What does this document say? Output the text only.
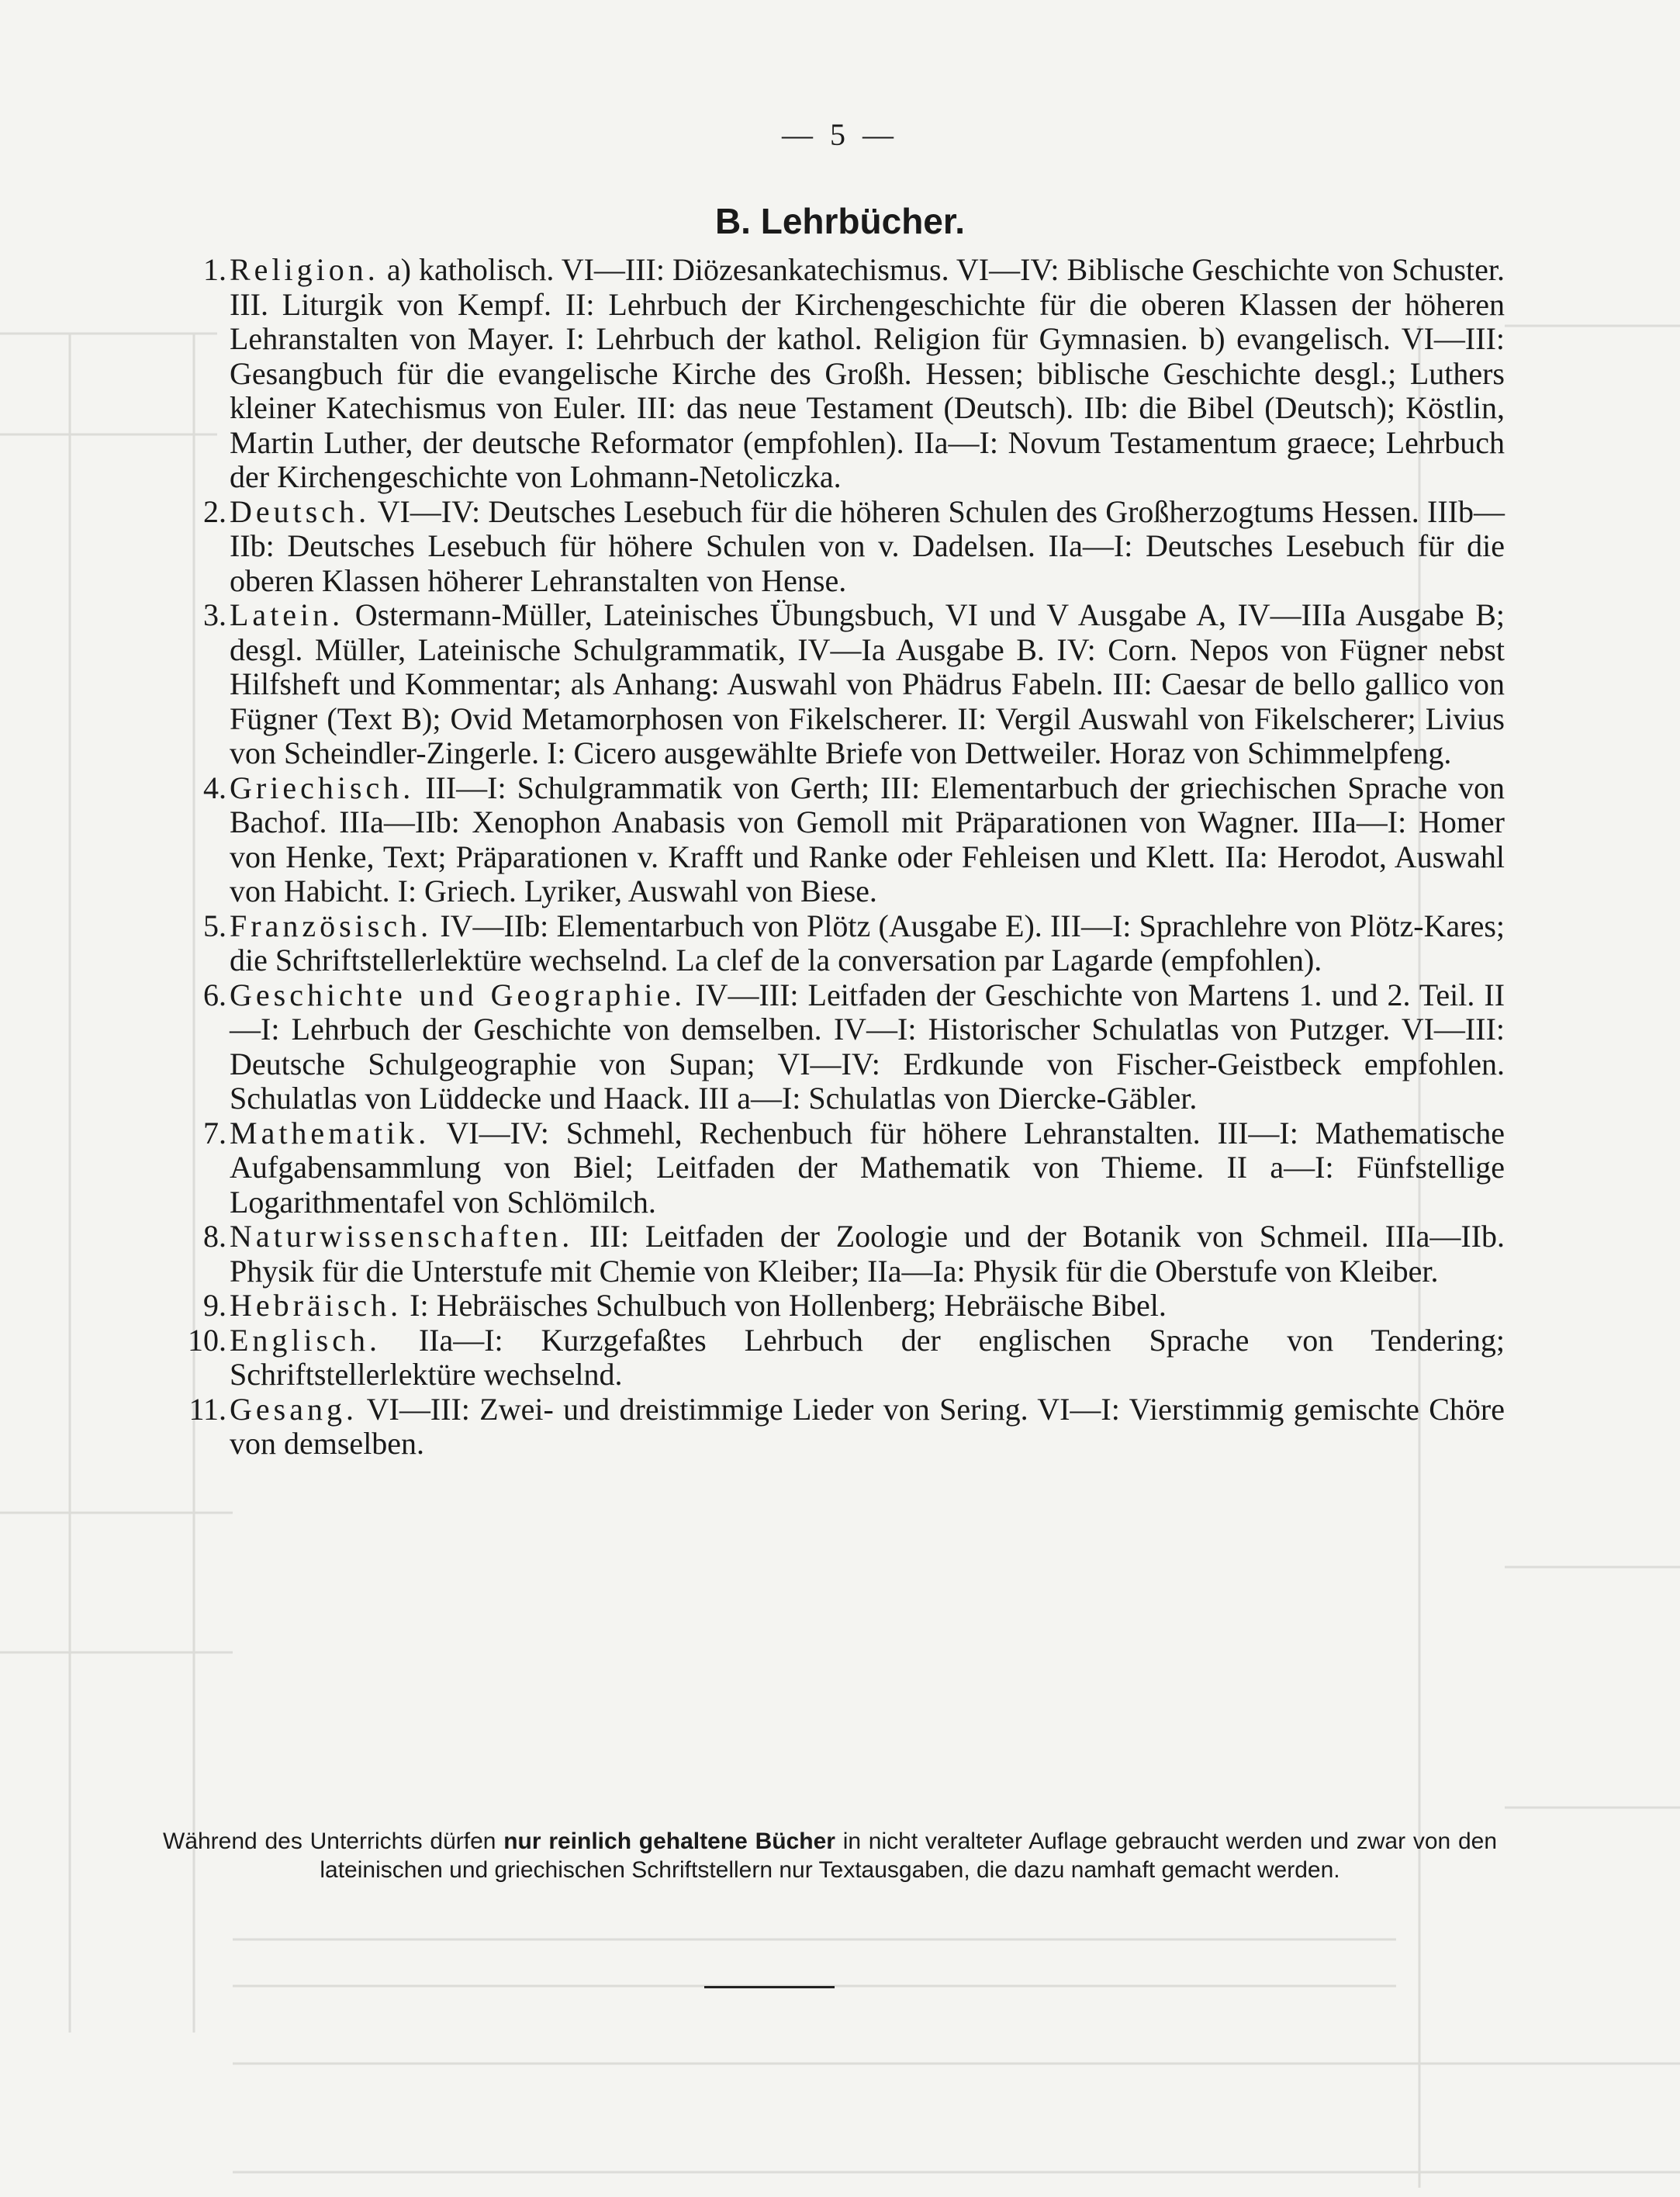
— 5 —
B. Lehrbücher.
1. Religion. a) katholisch. VI—III: Diözesankatechismus. VI—IV: Biblische Geschichte von Schuster. III. Liturgik von Kempf. II: Lehrbuch der Kirchengeschichte für die oberen Klassen der höheren Lehranstalten von Mayer. I: Lehrbuch der kathol. Religion für Gymnasien. b) evangelisch. VI—III: Gesangbuch für die evangelische Kirche des Großh. Hessen; biblische Geschichte desgl.; Luthers kleiner Katechismus von Euler. III: das neue Testament (Deutsch). IIb: die Bibel (Deutsch); Köstlin, Martin Luther, der deutsche Reformator (empfohlen). IIa—I: Novum Testamentum graece; Lehrbuch der Kirchengeschichte von Lohmann-Netoliczka.
2. Deutsch. VI—IV: Deutsches Lesebuch für die höheren Schulen des Großherzogtums Hessen. IIIb—IIb: Deutsches Lesebuch für höhere Schulen von v. Dadelsen. IIa—I: Deutsches Lesebuch für die oberen Klassen höherer Lehranstalten von Hense.
3. Latein. Ostermann-Müller, Lateinisches Übungsbuch, VI und V Ausgabe A, IV—IIIa Ausgabe B; desgl. Müller, Lateinische Schulgrammatik, IV—Ia Ausgabe B. IV: Corn. Nepos von Fügner nebst Hilfsheft und Kommentar; als Anhang: Auswahl von Phädrus Fabeln. III: Caesar de bello gallico von Fügner (Text B); Ovid Metamorphosen von Fikelscherer. II: Vergil Auswahl von Fikelscherer; Livius von Scheindler-Zingerle. I: Cicero ausgewählte Briefe von Dettweiler. Horaz von Schimmelpfeng.
4. Griechisch. III—I: Schulgrammatik von Gerth; III: Elementarbuch der griechischen Sprache von Bachof. IIIa—IIb: Xenophon Anabasis von Gemoll mit Präparationen von Wagner. IIIa—I: Homer von Henke, Text; Präparationen v. Krafft und Ranke oder Fehleisen und Klett. IIa: Herodot, Auswahl von Habicht. I: Griech. Lyriker, Auswahl von Biese.
5. Französisch. IV—IIb: Elementarbuch von Plötz (Ausgabe E). III—I: Sprachlehre von Plötz-Kares; die Schriftstellerlektüre wechselnd. La clef de la conversation par Lagarde (empfohlen).
6. Geschichte und Geographie. IV—III: Leitfaden der Geschichte von Martens 1. und 2. Teil. II—I: Lehrbuch der Geschichte von demselben. IV—I: Historischer Schulatlas von Putzger. VI—III: Deutsche Schulgeographie von Supan; VI—IV: Erdkunde von Fischer-Geistbeck empfohlen. Schulatlas von Lüddecke und Haack. III a—I: Schulatlas von Diercke-Gäbler.
7. Mathematik. VI—IV: Schmehl, Rechenbuch für höhere Lehranstalten. III—I: Mathematische Aufgabensammlung von Biel; Leitfaden der Mathematik von Thieme. II a—I: Fünfstellige Logarithmentafel von Schlömilch.
8. Naturwissenschaften. III: Leitfaden der Zoologie und der Botanik von Schmeil. IIIa—IIb. Physik für die Unterstufe mit Chemie von Kleiber; IIa—Ia: Physik für die Oberstufe von Kleiber.
9. Hebräisch. I: Hebräisches Schulbuch von Hollenberg; Hebräische Bibel.
10. Englisch. IIa—I: Kurzgefaßtes Lehrbuch der englischen Sprache von Tendering; Schriftstellerlektüre wechselnd.
11. Gesang. VI—III: Zwei- und dreistimmige Lieder von Sering. VI—I: Vierstimmig gemischte Chöre von demselben.
Während des Unterrichts dürfen nur reinlich gehaltene Bücher in nicht veralteter Auflage gebraucht werden und zwar von den lateinischen und griechischen Schriftstellern nur Textausgaben, die dazu namhaft gemacht werden.
